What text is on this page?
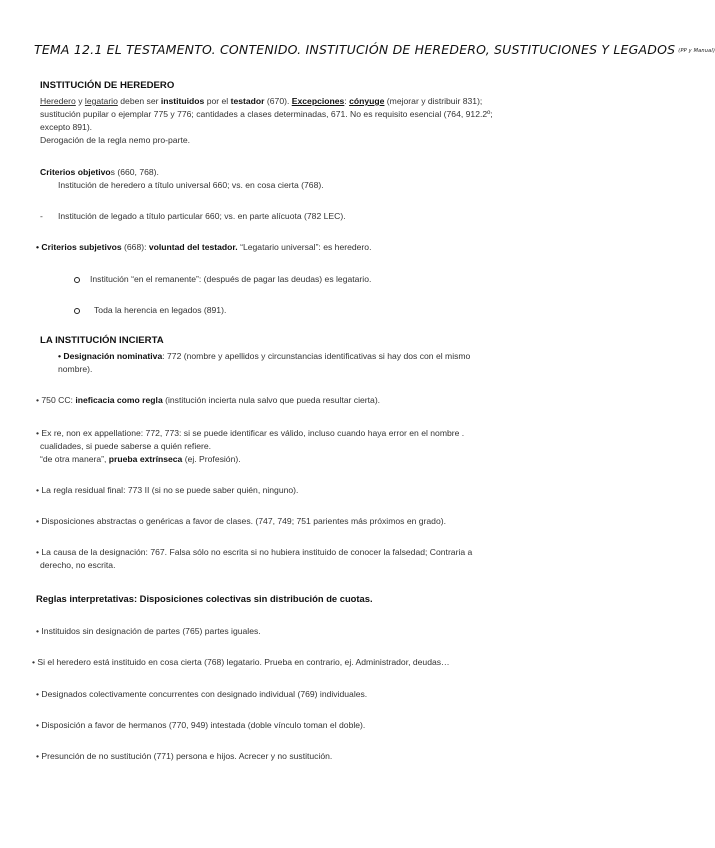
TEMA 12.1 EL TESTAMENTO. CONTENIDO. INSTITUCIÓN DE HEREDERO, SUSTITUCIONES Y LEGADOS (PP y Manual)
INSTITUCIÓN DE HEREDERO
Heredero y legatario deben ser instituidos por el testador (670). Excepciones: cónyuge (mejorar y distribuir 831);
sustitución pupilar o ejemplar 775 y 776; cantidades a clases determinadas, 671. No es requisito esencial (764, 912.2º;
excepto 891).
Derogación de la regla nemo pro-parte.
Criterios objetivos (660, 768).
Institución de heredero a título universal 660; vs. en cosa cierta (768).
- Institución de legado a título particular 660; vs. en parte alícuota (782 LEC).
• Criterios subjetivos (668): voluntad del testador. “Legatario universal”: es heredero.
Institución “en el remanente”: (después de pagar las deudas) es legatario.
Toda la herencia en legados (891).
LA INSTITUCIÓN INCIERTA
• Designación nominativa: 772 (nombre y apellidos y circunstancias identificativas si hay dos con el mismo
nombre).
• 750 CC: ineficacia como regla (institución incierta nula salvo que pueda resultar cierta).
• Ex re, non ex appellatione: 772, 773: si se puede identificar es válido, incluso cuando haya error en el nombre .
cualidades, si puede saberse a quién refiere.
“de otra manera”, prueba extrínseca (ej. Profesión).
• La regla residual final: 773 II (si no se puede saber quién, ninguno).
• Disposiciones abstractas o genéricas a favor de clases. (747, 749; 751 parientes más próximos en grado).
• La causa de la designación: 767. Falsa sólo no escrita si no hubiera instituido de conocer la falsedad; Contraria a
derecho, no escrita.
Reglas interpretativas: Disposiciones colectivas sin distribución de cuotas.
• Instituidos sin designación de partes (765) partes iguales.
• Si el heredero está instituido en cosa cierta (768) legatario. Prueba en contrario, ej. Administrador, deudas…
• Designados colectivamente concurrentes con designado individual (769) individuales.
• Disposición a favor de hermanos (770, 949) intestada (doble vínculo toman el doble).
• Presunción de no sustitución (771) persona e hijos. Acrecer y no sustitución.
